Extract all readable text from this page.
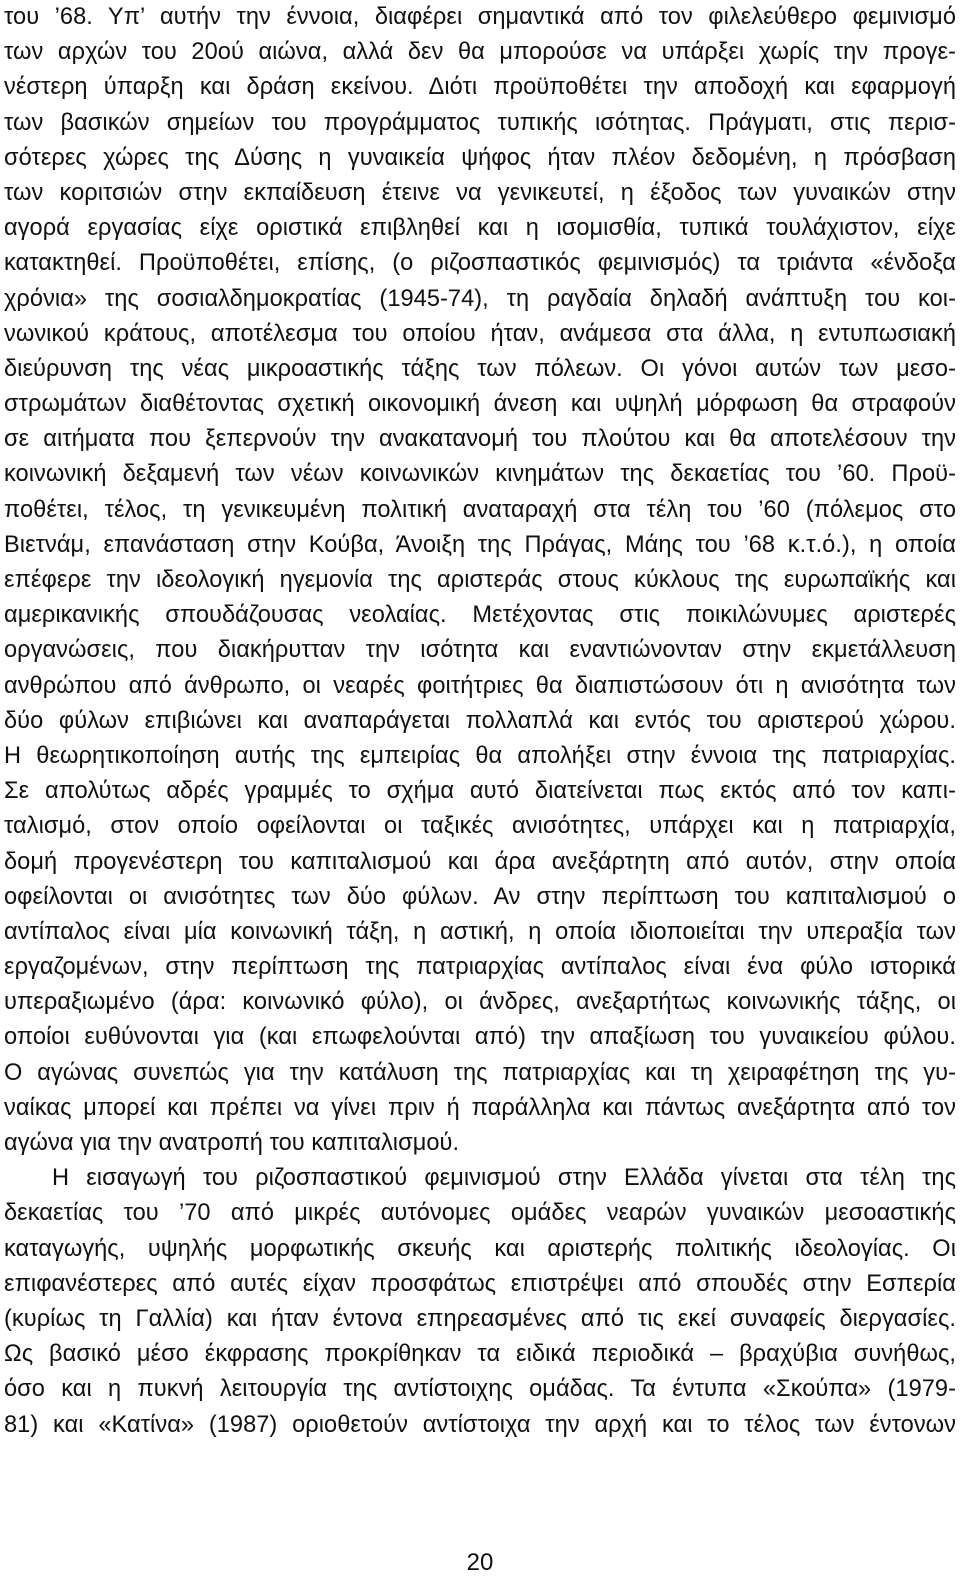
του ’68. Υπ’ αυτήν την έννοια, διαφέρει σημαντικά από τον φιλελεύθερο φεμινισμό
των αρχών του 20ού αιώνα, αλλά δεν θα μπορούσε να υπάρξει χωρίς την προγε-
νέστερη ύπαρξη και δράση εκείνου. Διότι προϋποθέτει την αποδοχή και εφαρμογή
των βασικών σημείων του προγράμματος τυπικής ισότητας. Πράγματι, στις περισ-
σότερες χώρες της Δύσης η γυναικεία ψήφος ήταν πλέον δεδομένη, η πρόσβαση
των κοριτσιών στην εκπαίδευση έτεινε να γενικευτεί, η έξοδος των γυναικών στην
αγορά εργασίας είχε οριστικά επιβληθεί και η ισομισθία, τυπικά τουλάχιστον, είχε
κατακτηθεί. Προϋποθέτει, επίσης, (ο ριζοσπαστικός φεμινισμός) τα τριάντα «ένδοξα
χρόνια» της σοσιαλδημοκρατίας (1945-74), τη ραγδαία δηλαδή ανάπτυξη του κοι-
νωνικού κράτους, αποτέλεσμα του οποίου ήταν, ανάμεσα στα άλλα, η εντυπωσιακή
διεύρυνση της νέας μικροαστικής τάξης των πόλεων. Οι γόνοι αυτών των μεσο-
στρωμάτων διαθέτοντας σχετική οικονομική άνεση και υψηλή μόρφωση θα στραφούν
σε αιτήματα που ξεπερνούν την ανακατανομή του πλούτου και θα αποτελέσουν την
κοινωνική δεξαμενή των νέων κοινωνικών κινημάτων της δεκαετίας του ’60. Προϋ-
ποθέτει, τέλος, τη γενικευμένη πολιτική αναταραχή στα τέλη του ’60 (πόλεμος στο
Βιετνάμ, επανάσταση στην Κούβα, Άνοιξη της Πράγας, Μάης του ’68 κ.τ.ό.), η οποία
επέφερε την ιδεολογική ηγεμονία της αριστεράς στους κύκλους της ευρωπαϊκής και
αμερικανικής σπουδάζουσας νεολαίας. Μετέχοντας στις ποικιλώνυμες αριστερές
οργανώσεις, που διακήρυτταν την ισότητα και εναντιώνονταν στην εκμετάλλευση
ανθρώπου από άνθρωπο, οι νεαρές φοιτήτριες θα διαπιστώσουν ότι η ανισότητα των
δύο φύλων επιβιώνει και αναπαράγεται πολλαπλά και εντός του αριστερού χώρου.
Η θεωρητικοποίηση αυτής της εμπειρίας θα απολήξει στην έννοια της πατριαρχίας.
Σε απολύτως αδρές γραμμές το σχήμα αυτό διατείνεται πως εκτός από τον καπι-
ταλισμό, στον οποίο οφείλονται οι ταξικές ανισότητες, υπάρχει και η πατριαρχία,
δομή προγενέστερη του καπιταλισμού και άρα ανεξάρτητη από αυτόν, στην οποία
οφείλονται οι ανισότητες των δύο φύλων. Αν στην περίπτωση του καπιταλισμού ο
αντίπαλος είναι μία κοινωνική τάξη, η αστική, η οποία ιδιοποιείται την υπεραξία των
εργαζομένων, στην περίπτωση της πατριαρχίας αντίπαλος είναι ένα φύλο ιστορικά
υπεραξιωμένο (άρα: κοινωνικό φύλο), οι άνδρες, ανεξαρτήτως κοινωνικής τάξης, οι
οποίοι ευθύνονται για (και επωφελούνται από) την απαξίωση του γυναικείου φύλου.
Ο αγώνας συνεπώς για την κατάλυση της πατριαρχίας και τη χειραφέτηση της γυ-
ναίκας μπορεί και πρέπει να γίνει πριν ή παράλληλα και πάντως ανεξάρτητα από τον
αγώνα για την ανατροπή του καπιταλισμού.
Η εισαγωγή του ριζοσπαστικού φεμινισμού στην Ελλάδα γίνεται στα τέλη της
δεκαετίας του ’70 από μικρές αυτόνομες ομάδες νεαρών γυναικών μεσοαστικής
καταγωγής, υψηλής μορφωτικής σκευής και αριστερής πολιτικής ιδεολογίας. Οι
επιφανέστερες από αυτές είχαν προσφάτως επιστρέψει από σπουδές στην Εσπερία
(κυρίως τη Γαλλία) και ήταν έντονα επηρεασμένες από τις εκεί συναφείς διεργασίες.
Ως βασικό μέσο έκφρασης προκρίθηκαν τα ειδικά περιοδικά – βραχύβια συνήθως,
όσο και η πυκνή λειτουργία της αντίστοιχης ομάδας. Τα έντυπα «Σκούπα» (1979-
81) και «Κατίνα» (1987) οριοθετούν αντίστοιχα την αρχή και το τέλος των έντονων
20
